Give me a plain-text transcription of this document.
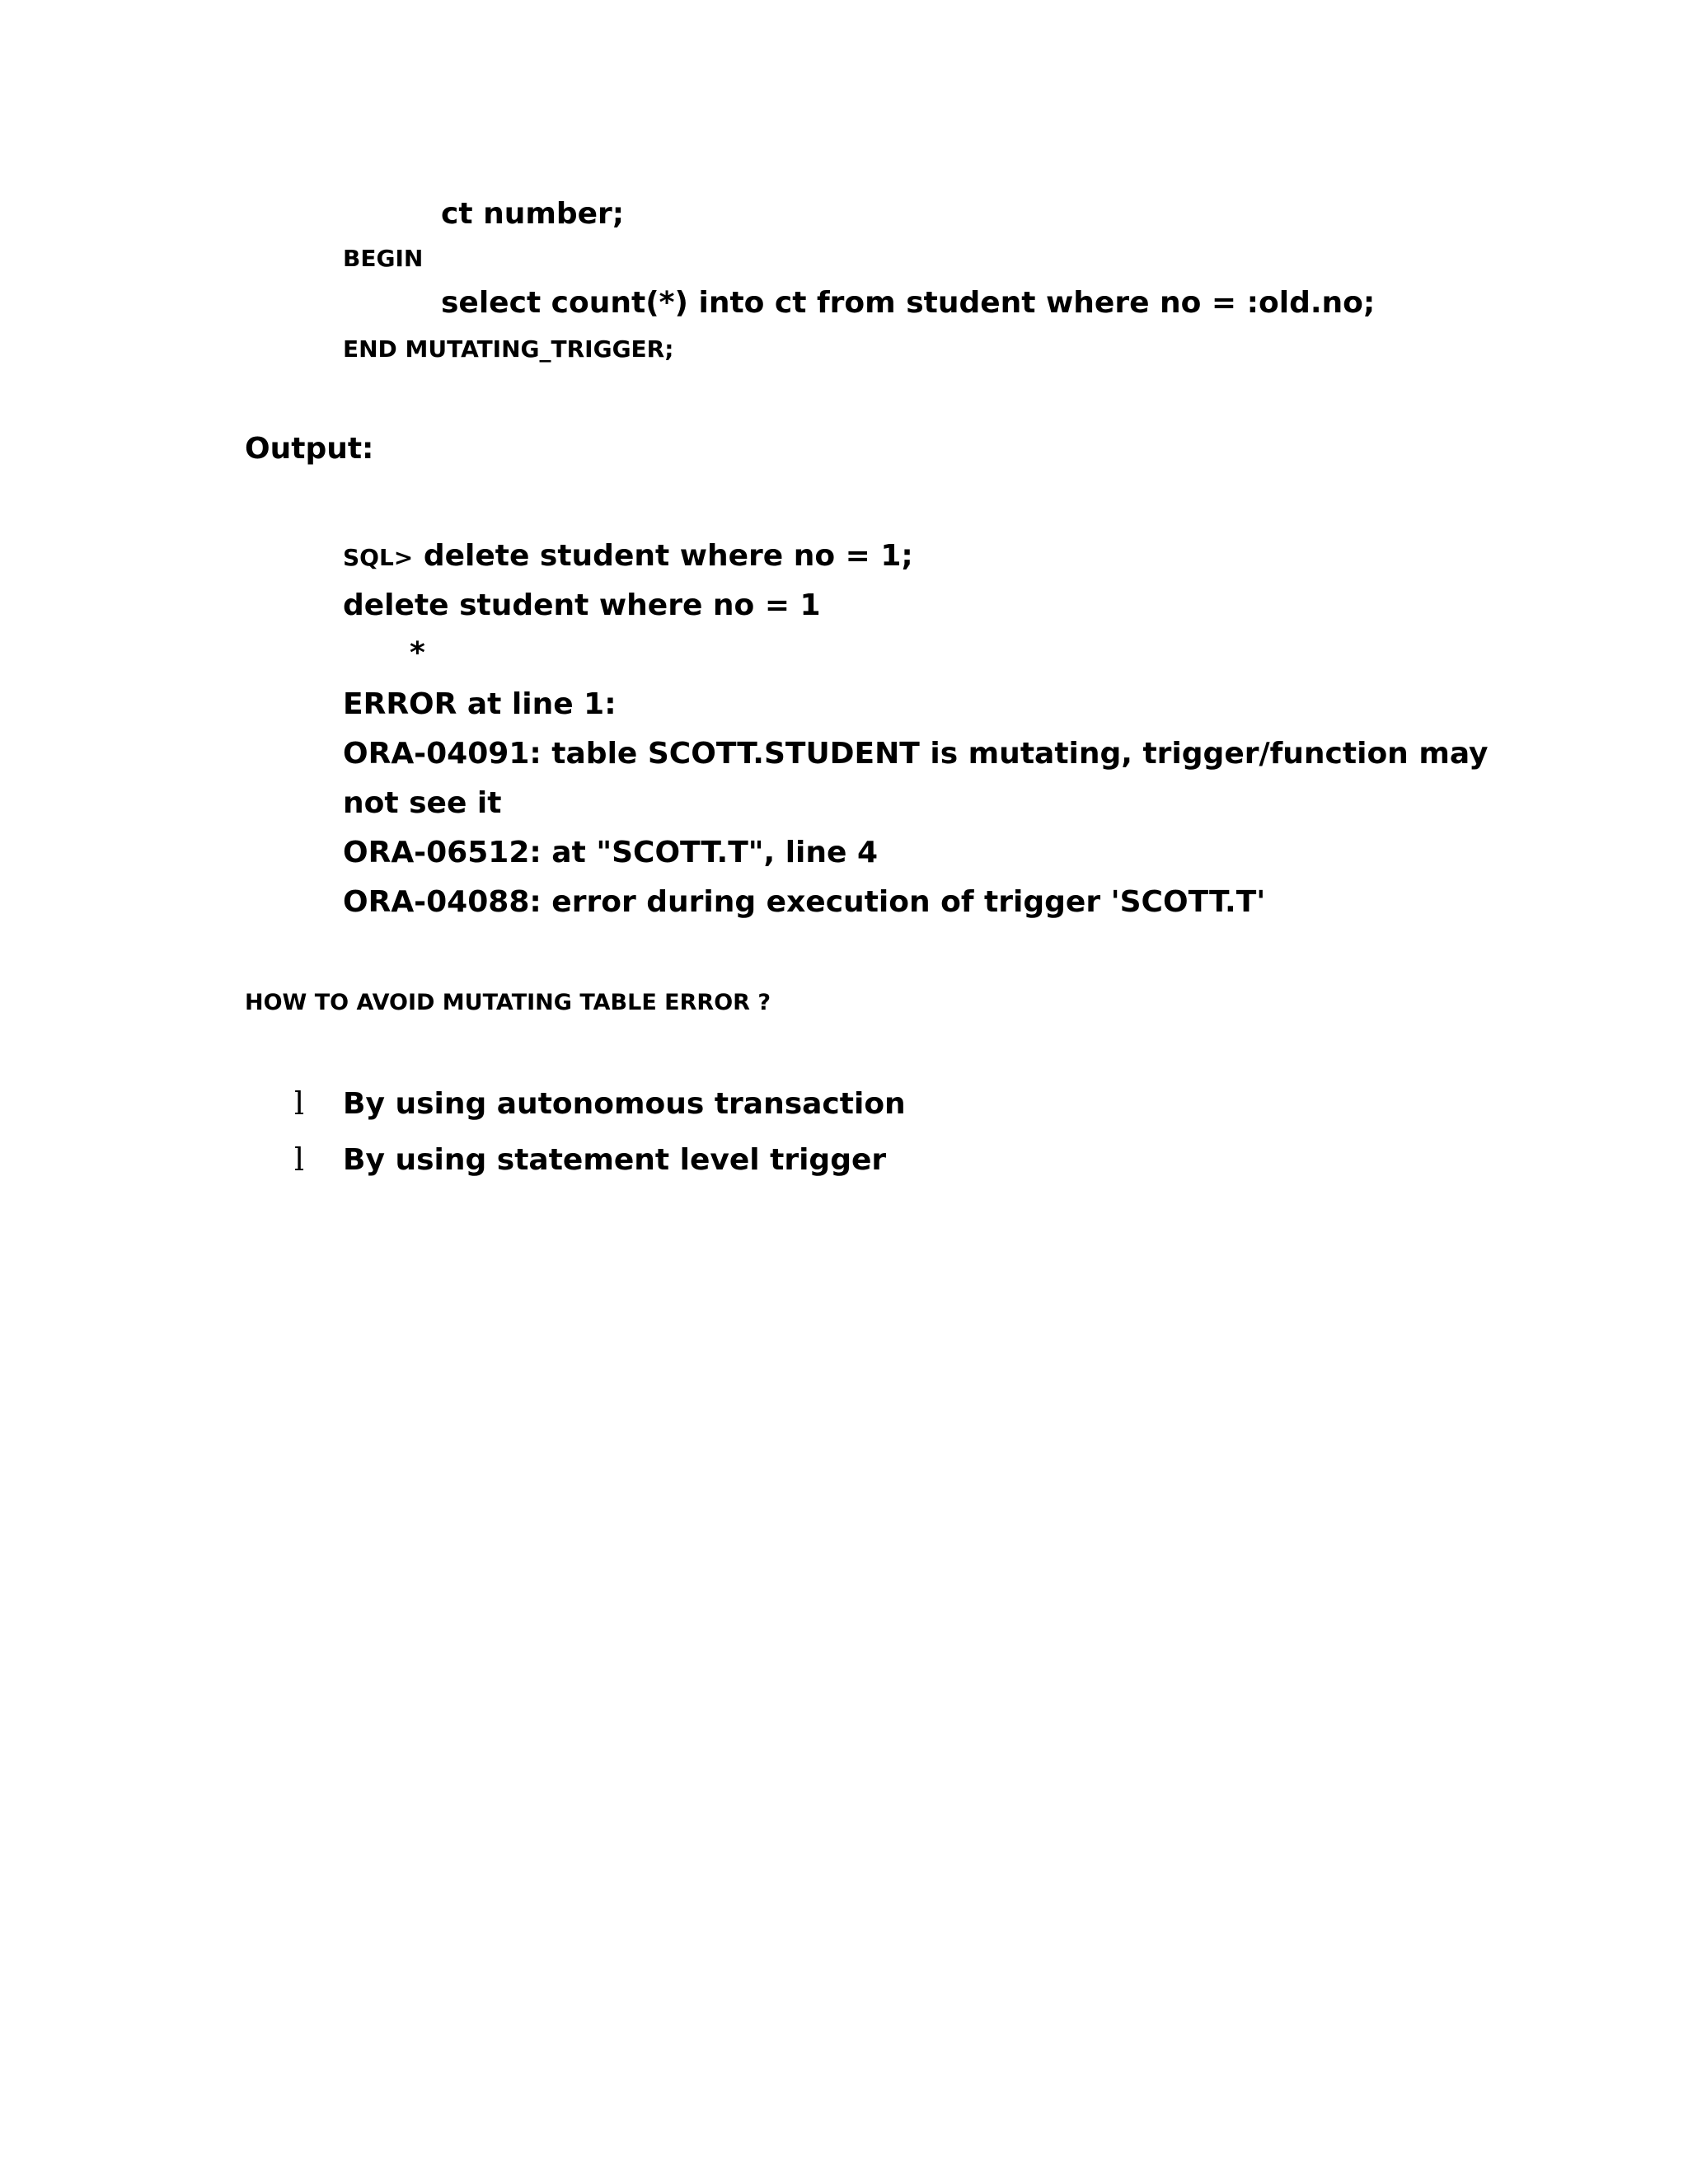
ct number;
BEGIN
select count(*) into ct from student where no = :old.no;
END MUTATING_TRIGGER;
Output:
SQL> delete student where no = 1;
delete student where no = 1
*
ERROR at line 1:
ORA-04091: table SCOTT.STUDENT is mutating, trigger/function may
not see it
ORA-06512: at "SCOTT.T", line 4
ORA-04088: error during execution of trigger 'SCOTT.T'
HOW TO AVOID MUTATING TABLE ERROR ?
l By using autonomous transaction
l By using statement level trigger
